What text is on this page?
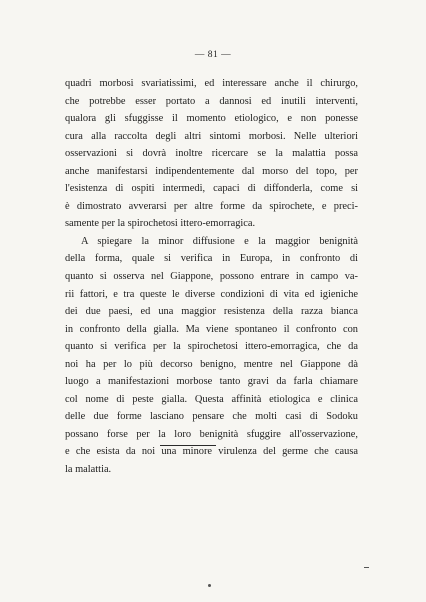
— 81 —
quadri morbosi svariatissimi, ed interessare anche il chirurgo,
che potrebbe esser portato a dannosi ed inutili interventi,
qualora gli sfuggisse il momento etiologico, e non ponesse
cura alla raccolta degli altri sintomi morbosi. Nelle ulteriori
osservazioni si dovrà inoltre ricercare se la malattia possa
anche manifestarsi indipendentemente dal morso del topo, per
l'esistenza di ospiti intermedi, capaci di diffonderla, come si
è dimostrato avverarsi per altre forme da spirochete, e preci-
samente per la spirochetosi ittero-emorragica.
A spiegare la minor diffusione e la maggior benignità
della forma, quale si verifica in Europa, in confronto di
quanto si osserva nel Giappone, possono entrare in campo va-
rii fattori, e tra queste le diverse condizioni di vita ed igieniche
dei due paesi, ed una maggior resistenza della razza bianca
in confronto della gialla. Ma viene spontaneo il confronto con
quanto si verifica per la spirochetosi ittero-emorragica, che da
noi ha per lo più decorso benigno, mentre nel Giappone dà
luogo a manifestazioni morbose tanto gravi da farla chiamare
col nome di peste gialla. Questa affinità etiologica e clinica
delle due forme lasciano pensare che molti casi di Sodoku
possano forse per la loro benignità sfuggire all'osservazione,
e che esista da noi una minore virulenza del germe che causa
la malattia.
